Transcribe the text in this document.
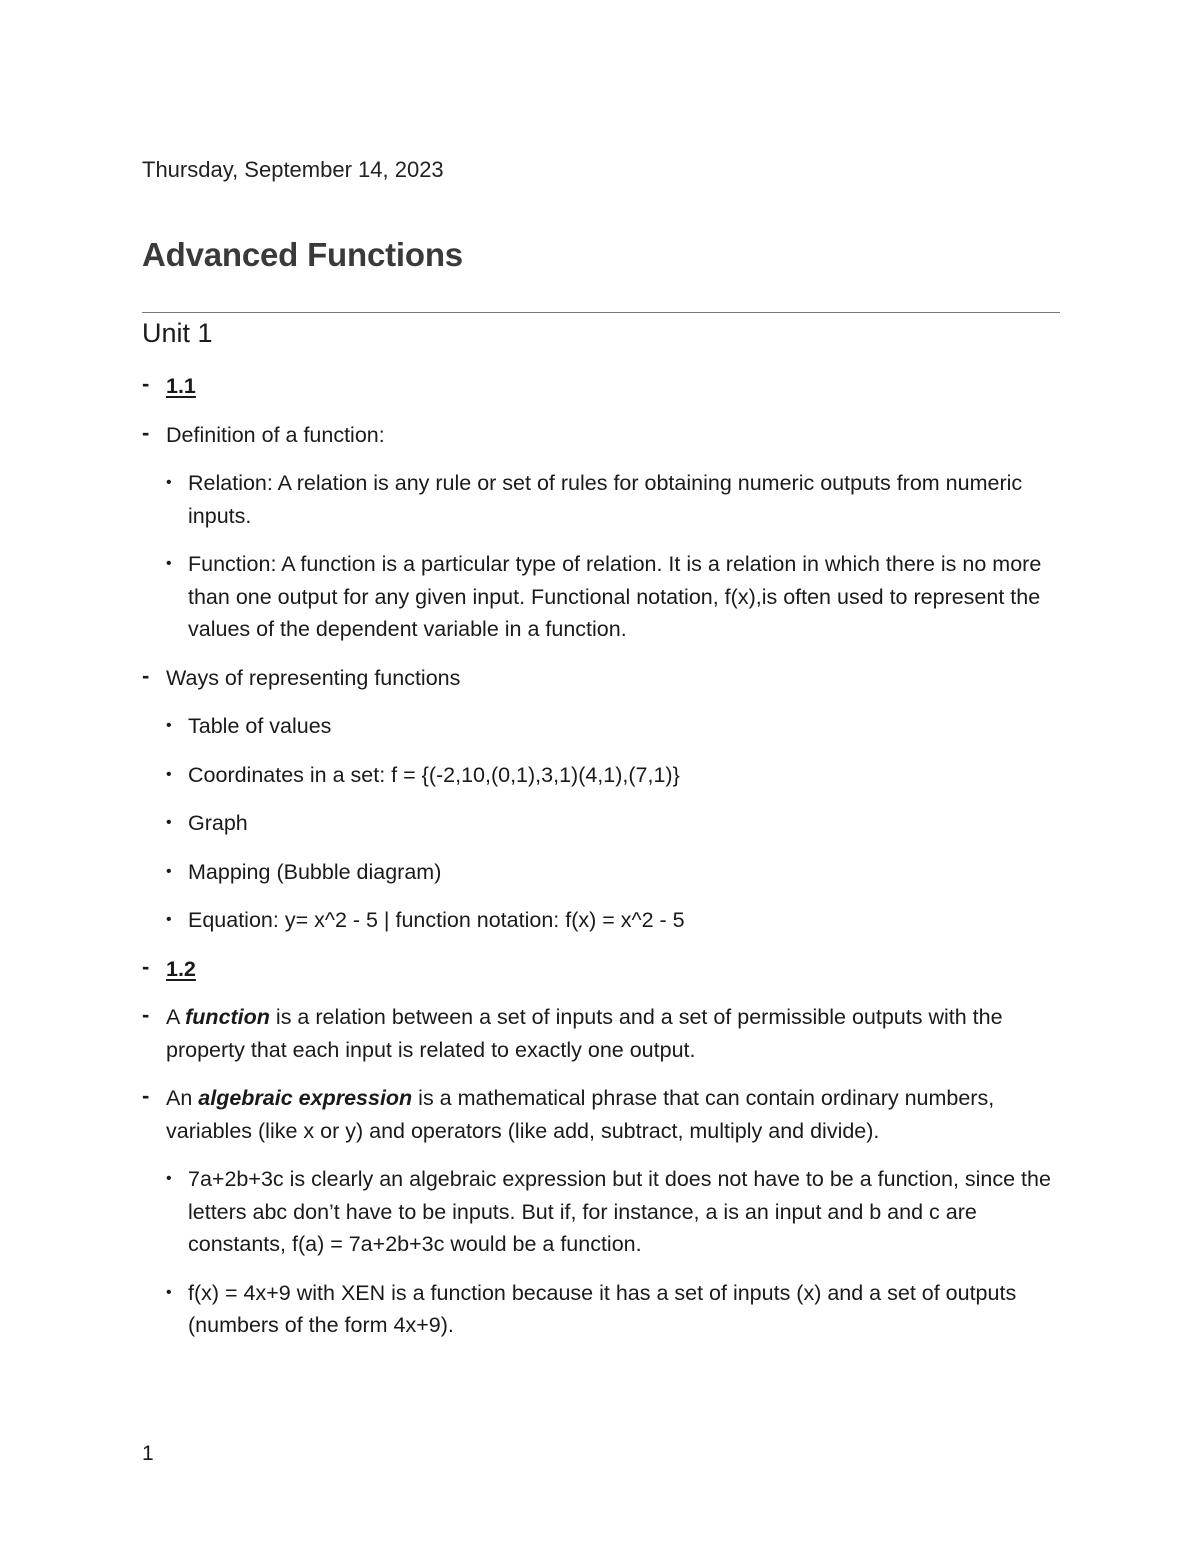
Thursday, September 14, 2023
Advanced Functions
Unit 1
- 1.1
- Definition of a function:
• Relation: A relation is any rule or set of rules for obtaining numeric outputs from numeric inputs.
• Function: A function is a particular type of relation. It is a relation in which there is no more than one output for any given input. Functional notation, f(x),is often used to represent the values of the dependent variable in a function.
- Ways of representing functions
• Table of values
• Coordinates in a set: f = {(-2,10,(0,1),3,1)(4,1),(7,1)}
• Graph
• Mapping (Bubble diagram)
• Equation: y= x^2 - 5 | function notation: f(x) = x^2 - 5
- 1.2
- A function is a relation between a set of inputs and a set of permissible outputs with the property that each input is related to exactly one output.
- An algebraic expression is a mathematical phrase that can contain ordinary numbers, variables (like x or y) and operators (like add, subtract, multiply and divide).
• 7a+2b+3c is clearly an algebraic expression but it does not have to be a function, since the letters abc don’t have to be inputs. But if, for instance, a is an input and b and c are constants, f(a) = 7a+2b+3c would be a function.
• f(x) = 4x+9 with XEN is a function because it has a set of inputs (x) and a set of outputs (numbers of the form 4x+9).
1
